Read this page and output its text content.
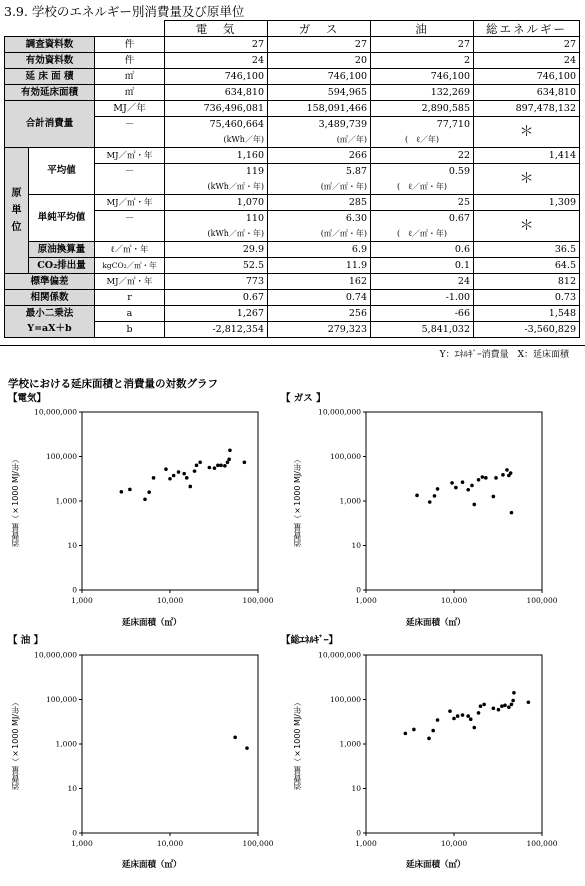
3.9. 学校のエネルギー別消費量及び原単位
			電　気	ガ　ス	油	総エネルギー
調査資料数		件	27	27	27	27
有効資料数		件	24	20	2	24
延 床 面 積		㎡	746,100	746,100	746,100	746,100
有効延床面積		㎡	634,810	594,965	132,269	634,810
合計消費量		MJ／年	736,496,081	158,091,466	2,890,585	897,478,132
		－	75,460,664	3,489,739	77,710	＊
			(kWh／年)	(㎥／年)	(　ℓ／年)	
原単位	平均値	MJ／㎡・年	1,160	266	22	1,414
		－	119	5.87	0.59	＊
			(kWh／㎡・年)	(㎥／㎡・年)	(　ℓ／㎡・年)	
	単純平均値	MJ／㎡・年	1,070	285	25	1,309
		－	110	6.30	0.67	＊
			(kWh／㎡・年)	(㎥／㎡・年)	(　ℓ／㎡・年)	
	原油換算量	ℓ／㎡・年	29.9	6.9	0.6	36.5
	CO₂排出量	kgCO₂／㎡・年	52.5	11.9	0.1	64.5
標準偏差		MJ／㎡・年	773	162	24	812
相関係数		r	0.67	0.74	-1.00	0.73
最小二乗法		a	1,267	256	-66	1,548
Y=aX＋b		b	-2,812,354	279,323	5,841,032	-3,560,829
Y：ｴﾈﾙｷﾞｰ消費量　X：延床面積
学校における延床面積と消費量の対数グラフ
【電気】	【 ガス 】
【 油 】	【総ｴﾈﾙｷﾞｰ】
消費量（×1000 MJ/年）	消費量（×1000 MJ/年）
消費量（×1000 MJ/年）	消費量（×1000 MJ/年）
延床面積（㎡）	延床面積（㎡）
延床面積（㎡）	延床面積（㎡）
0
10
1,000
100,000
10,000,000
1,000	10,000	100,000
0
10
1,000
100,000
10,000,000
1,000	10,000	100,000
0
10
1,000
100,000
10,000,000
1,000	10,000	100,000
0
10
1,000
100,000
10,000,000
1,000	10,000	100,000
